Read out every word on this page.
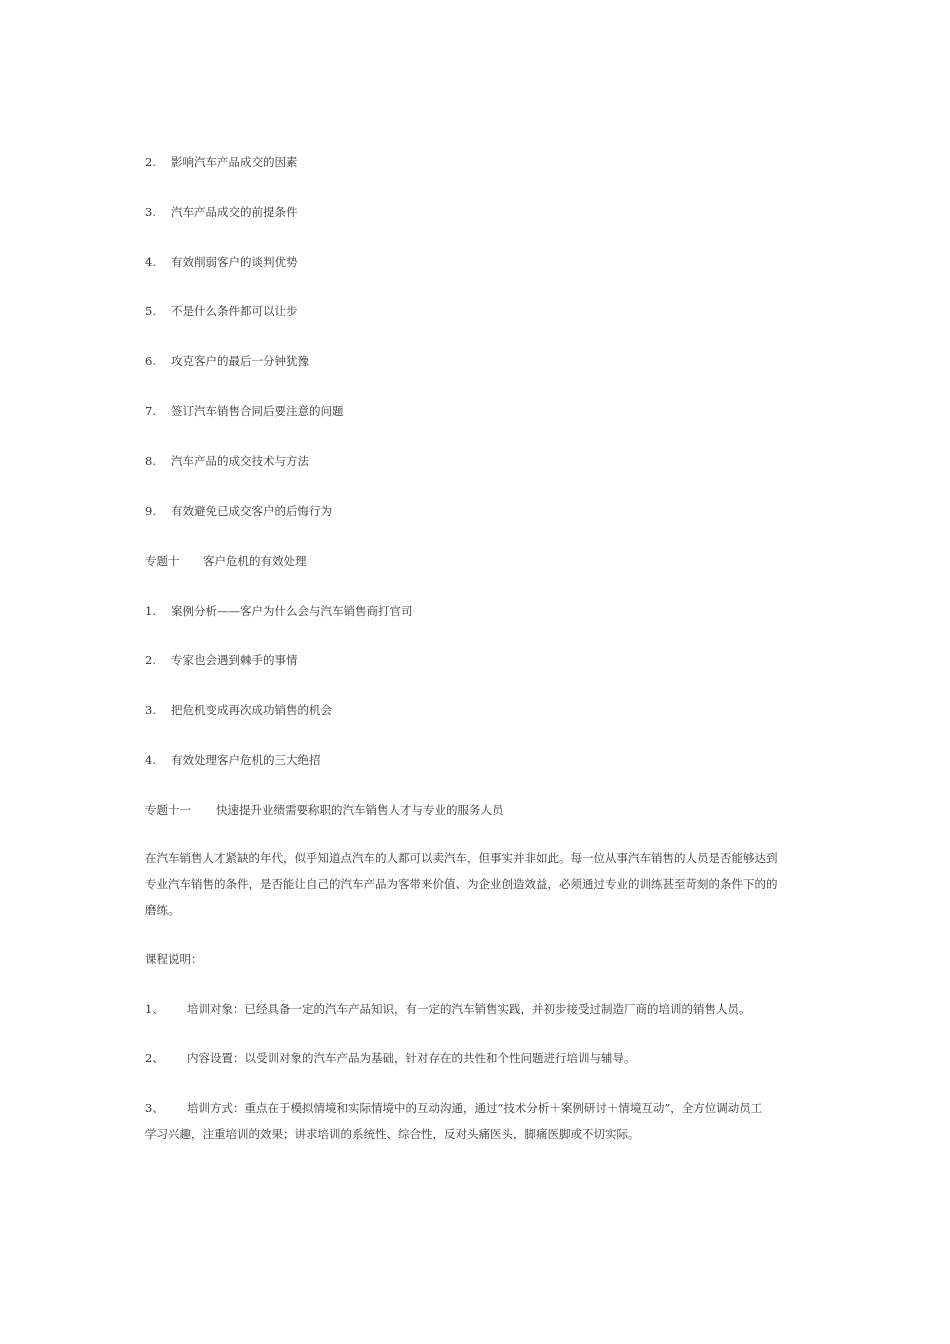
2. 影响汽车产品成交的因素
3. 汽车产品成交的前提条件
4. 有效削弱客户的谈判优势
5. 不是什么条件都可以让步
6. 攻克客户的最后一分钟犹豫
7. 签订汽车销售合同后要注意的问题
8. 汽车产品的成交技术与方法
9. 有效避免已成交客户的后悔行为
专题十 客户危机的有效处理
1. 案例分析——客户为什么会与汽车销售商打官司
2. 专家也会遇到棘手的事情
3. 把危机变成再次成功销售的机会
4. 有效处理客户危机的三大绝招
专题十一 快速提升业绩需要称职的汽车销售人才与专业的服务人员

在汽车销售人才紧缺的年代，似乎知道点汽车的人都可以卖汽车，但事实并非如此。每一位从事汽车销售的人员是否能够达到

专业汽车销售的条件，是否能让自己的汽车产品为客带来价值、为企业创造效益，必须通过专业的训练甚至苛刻的条件下的的

磨练。

课程说明：
1、 培训对象：已经具备一定的汽车产品知识，有一定的汽车销售实践，并初步接受过制造厂商的培训的销售人员。
2、 内容设置：以受训对象的汽车产品为基础，针对存在的共性和个性问题进行培训与辅导。
3、 培训方式：重点在于模拟情境和实际情境中的互动沟通，通过“技术分析＋案例研讨＋情境互动”，全方位调动员工
学习兴趣，注重培训的效果；讲求培训的系统性、综合性，反对头痛医头，脚痛医脚或不切实际。
